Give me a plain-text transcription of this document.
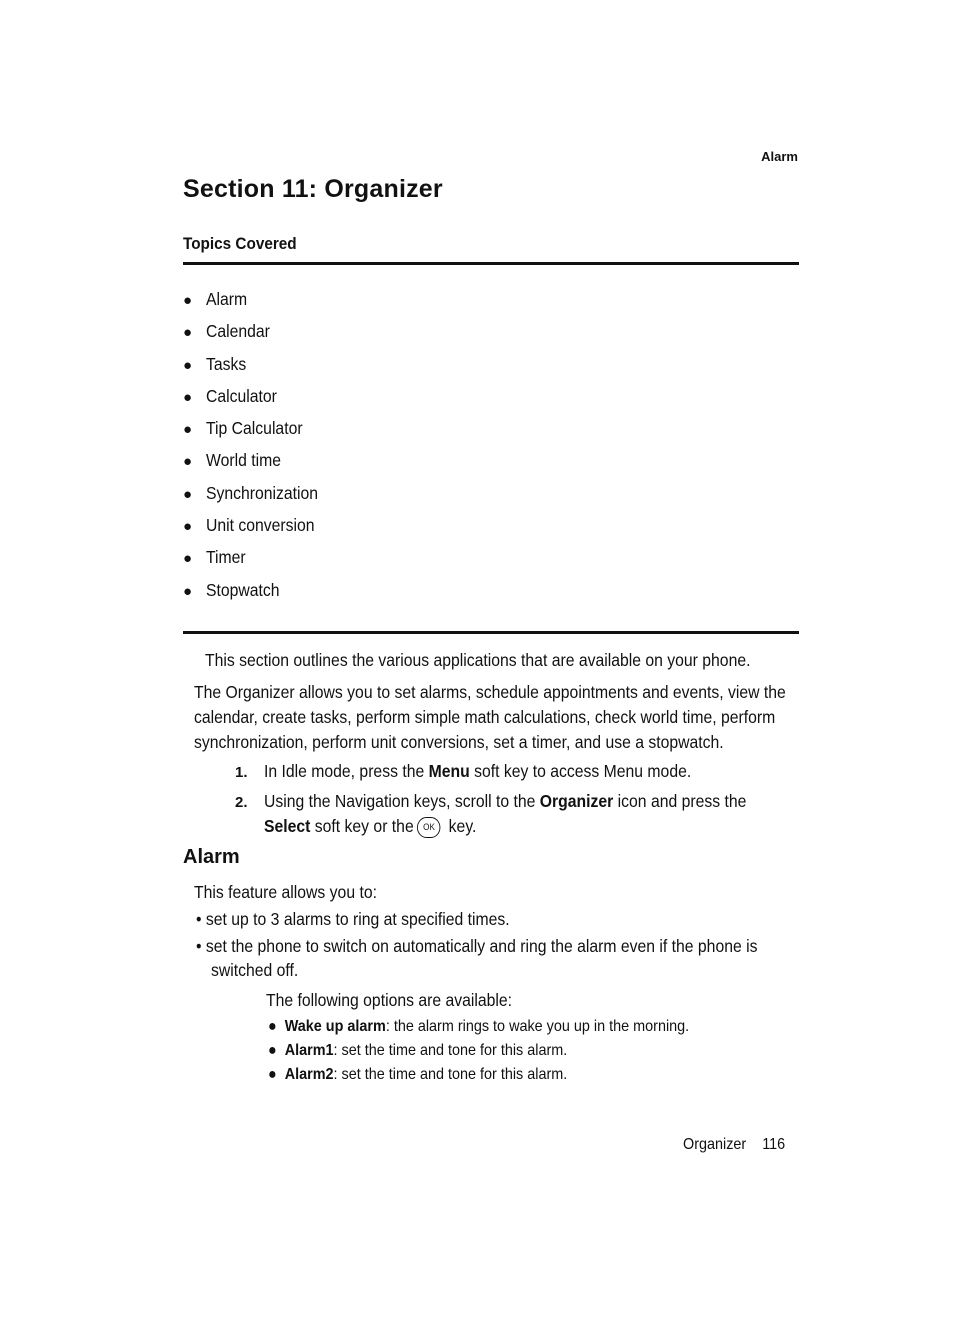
Alarm
Section 11: Organizer
Topics Covered
● Alarm
● Calendar
● Tasks
● Calculator
● Tip Calculator
● World time
● Synchronization
● Unit conversion
● Timer
● Stopwatch
This section outlines the various applications that are available on your phone.
The Organizer allows you to set alarms, schedule appointments and events, view the
calendar, create tasks, perform simple math calculations, check world time, perform
synchronization, perform unit conversions, set a timer, and use a stopwatch.
1. In Idle mode, press the Menu soft key to access Menu mode.
2. Using the Navigation keys, scroll to the Organizer icon and press the
Select soft key or the OK key.
Alarm
This feature allows you to:
• set up to 3 alarms to ring at specified times.
• set the phone to switch on automatically and ring the alarm even if the phone is
switched off.
The following options are available:
● Wake up alarm: the alarm rings to wake you up in the morning.
● Alarm1: set the time and tone for this alarm.
● Alarm2: set the time and tone for this alarm.
Organizer 116
